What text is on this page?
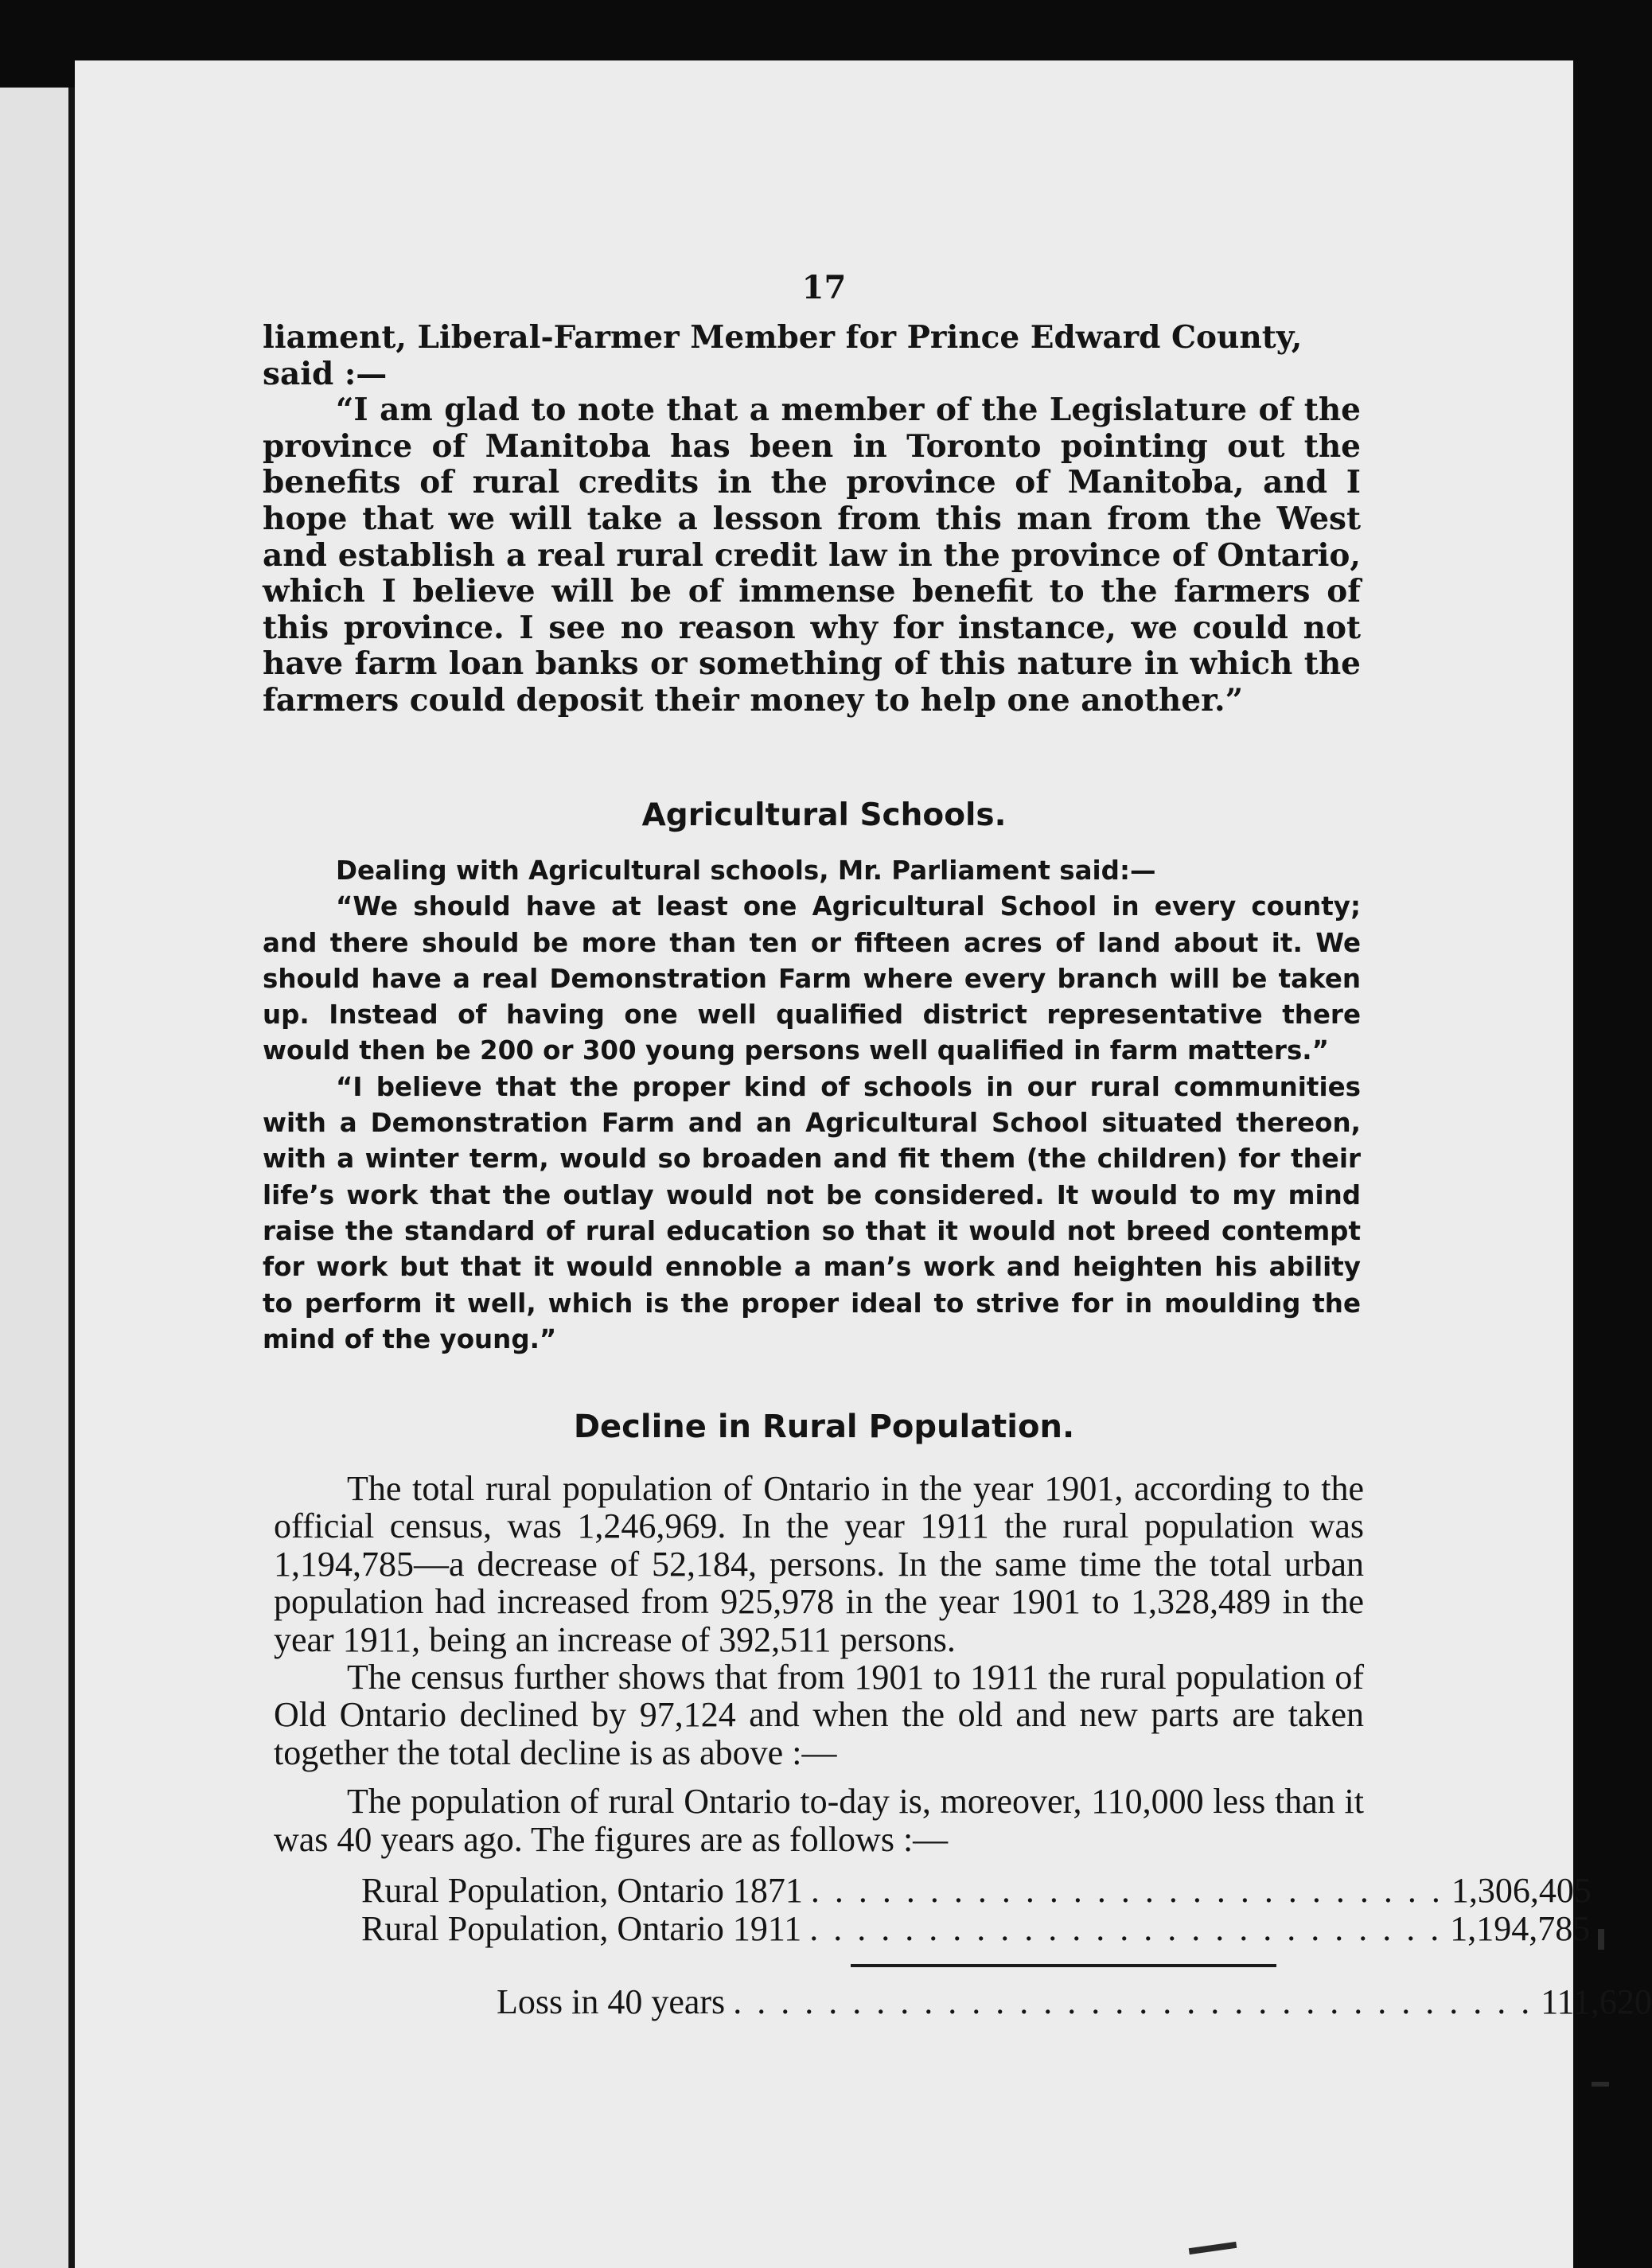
17

liament, Liberal-Farmer Member for Prince Edward County,

said :—

“I am glad to note that a member of the Legislature of the province of Manitoba has been in Toronto pointing out the benefits of rural credits in the province of Manitoba, and I hope that we will take a lesson from this man from the West and establish a real rural credit law in the province of Ontario, which I believe will be of immense benefit to the farmers of this province. I see no reason why for instance, we could not have farm loan banks or something of this nature in which the farmers could deposit their money to help one another.”

Agricultural Schools.

Dealing with Agricultural schools, Mr. Parliament said:—

“We should have at least one Agricultural School in every county; and there should be more than ten or fifteen acres of land about it. We should have a real Demonstration Farm where every branch will be taken up. Instead of having one well qualified district representative there would then be 200 or 300 young persons well qualified in farm matters.”

“I believe that the proper kind of schools in our rural communities with a Demonstration Farm and an Agricultural School situated thereon, with a winter term, would so broaden and fit them (the children) for their life’s work that the outlay would not be considered. It would to my mind raise the standard of rural education so that it would not breed contempt for work but that it would ennoble a man’s work and heighten his ability to perform it well, which is the proper ideal to strive for in moulding the mind of the young.”

Decline in Rural Population.

The total rural population of Ontario in the year 1901, according to the official census, was 1,246,969. In the year 1911 the rural population was 1,194,785—a decrease of 52,184, persons. In the same time the total urban population had increased from 925,978 in the year 1901 to 1,328,489 in the year 1911, being an increase of 392,511 persons.

The census further shows that from 1901 to 1911 the rural population of Old Ontario declined by 97,124 and when the old and new parts are taken together the total decline is as above :—

The population of rural Ontario to-day is, moreover, 110,000 less than it was 40 years ago. The figures are as follows :—

Rural Population, Ontario 1871 . . . . . . . . . . . . . . . . . . . . . . . . . . . 1,306,405
Rural Population, Ontario 1911 . . . . . . . . . . . . . . . . . . . . . . . . . . . 1,194,785
Loss in 40 years . . . . . . . . . . . . . . . . . . . . . . . . . . . . . . . . . . 111,620
